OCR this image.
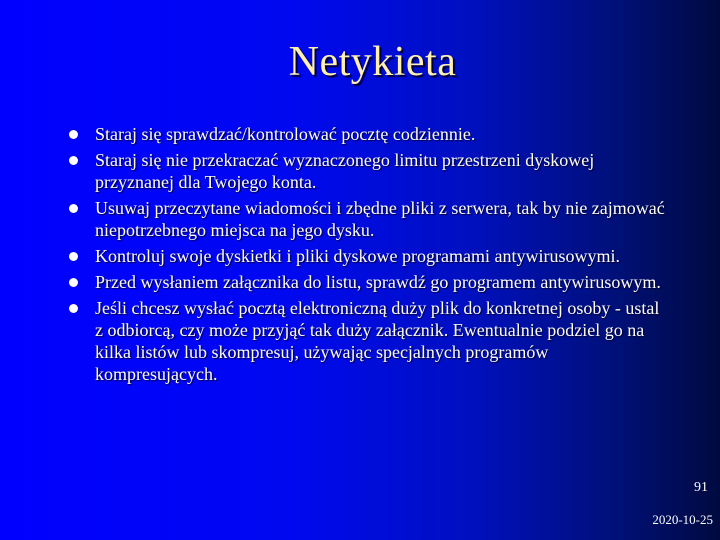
Netykieta
Staraj się sprawdzać/kontrolować pocztę codziennie.
Staraj się nie przekraczać wyznaczonego limitu przestrzeni dyskowej przyznanej dla Twojego konta.
Usuwaj przeczytane wiadomości i zbędne pliki z serwera, tak by nie zajmować niepotrzebnego miejsca na jego dysku.
Kontroluj swoje dyskietki i pliki dyskowe programami antywirusowymi.
Przed wysłaniem załącznika do listu, sprawdź go programem antywirusowym.
Jeśli chcesz wysłać pocztą elektroniczną duży plik do konkretnej osoby - ustal z odbiorcą, czy może przyjąć tak duży załącznik. Ewentualnie podziel go na kilka listów lub skompresuj, używając specjalnych programów kompresujących.
91
2020-10-25
